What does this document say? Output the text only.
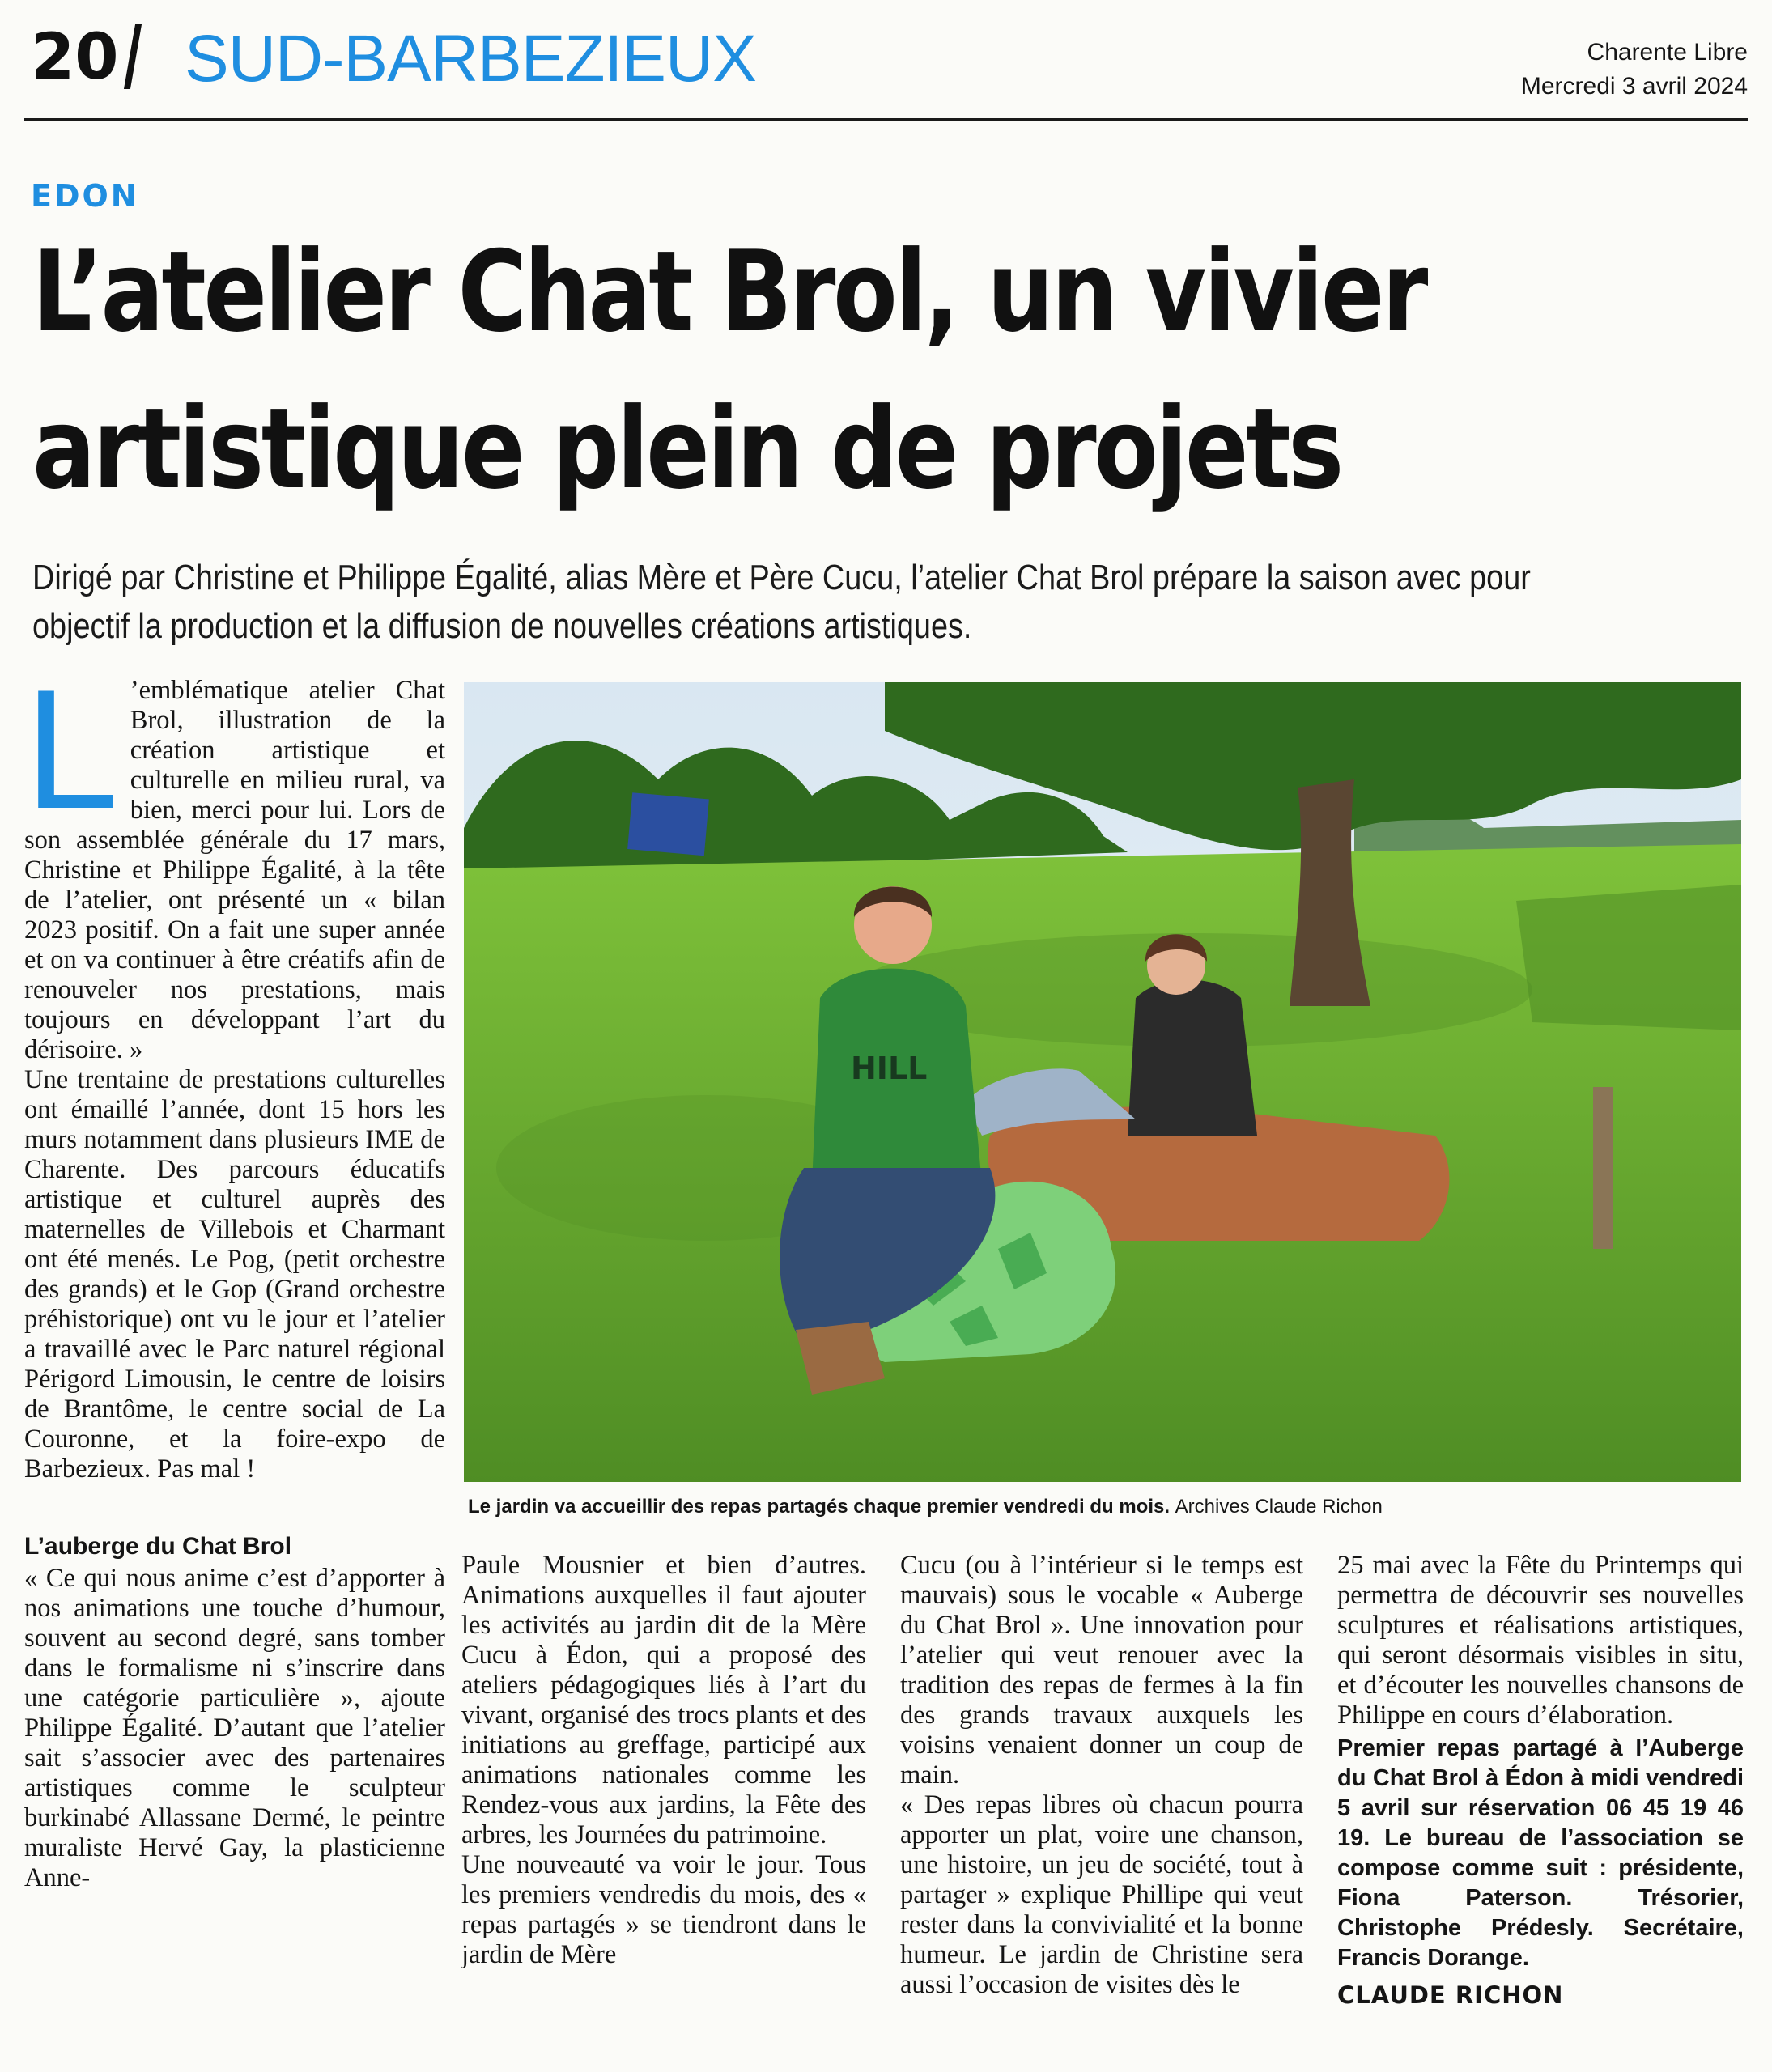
20 SUD-BARBEZIEUX	Charente Libre
Mercredi 3 avril 2024
EDON
L’atelier Chat Brol, un vivier
artistique plein de projets
Dirigé par Christine et Philippe Égalité, alias Mère et Père Cucu, l’atelier Chat Brol prépare la saison avec pour
objectif la production et la diffusion de nouvelles créations artistiques.

L ’emblématique atelier Chat Brol, illustration de la création artistique et culturelle en milieu rural, va bien, merci pour lui. Lors de son assemblée générale du 17 mars, Christine et Philippe Égalité, à la tête de l’atelier, ont présenté un « bilan 2023 positif. On a fait une super année et on va continuer à être créatifs afin de renouveler nos prestations, mais toujours en développant l’art du dérisoire. »

Une trentaine de prestations culturelles ont émaillé l’année, dont 15 hors les murs notamment dans plusieurs IME de Charente. Des parcours éducatifs artistique et culturel auprès des maternelles de Villebois et Charmant ont été menés. Le Pog, (petit orchestre des grands) et le Gop (Grand orchestre préhistorique) ont vu le jour et l’atelier a travaillé avec le Parc naturel régional Périgord Limousin, le centre de loisirs de Brantôme, le centre social de La Couronne, et la foire-expo de Barbezieux. Pas mal !

L’auberge du Chat Brol

« Ce qui nous anime c’est d’apporter à nos animations une touche d’humour, souvent au second degré, sans tomber dans le formalisme ni s’inscrire dans une catégorie particulière », ajoute Philippe Égalité. D’autant que l’atelier sait s’associer avec des partenaires artistiques comme le sculpteur burkinabé Allassane Dermé, le peintre muraliste Hervé Gay, la plasticienne Anne-

HILL
Le jardin va accueillir des repas partagés chaque premier vendredi du mois. Archives Claude Richon

Paule Mousnier et bien d’autres. Animations auxquelles il faut ajouter les activités au jardin dit de la Mère Cucu à Édon, qui a proposé des ateliers pédagogiques liés à l’art du vivant, organisé des trocs plants et des initiations au greffage, participé aux animations nationales comme les Rendez-vous aux jardins, la Fête des arbres, les Journées du patrimoine.

Une nouveauté va voir le jour. Tous les premiers vendredis du mois, des « repas partagés » se tiendront dans le jardin de Mère

Cucu (ou à l’intérieur si le temps est mauvais) sous le vocable « Auberge du Chat Brol ». Une innovation pour l’atelier qui veut renouer avec la tradition des repas de fermes à la fin des grands travaux auxquels les voisins venaient donner un coup de main.

« Des repas libres où chacun pourra apporter un plat, voire une chanson, une histoire, un jeu de société, tout à partager » explique Phillipe qui veut rester dans la convivialité et la bonne humeur. Le jardin de Christine sera aussi l’occasion de visites dès le

25 mai avec la Fête du Printemps qui permettra de découvrir ses nouvelles sculptures et réalisations artistiques, qui seront désormais visibles in situ, et d’écouter les nouvelles chansons de Philippe en cours d’élaboration.

Premier repas partagé à l’Auberge du Chat Brol à Édon à midi vendredi 5 avril sur réservation 06 45 19 46 19. Le bureau de l’association se compose comme suit : présidente, Fiona Paterson. Trésorier, Christophe Prédesly. Secrétaire, Francis Dorange.

CLAUDE RICHON
